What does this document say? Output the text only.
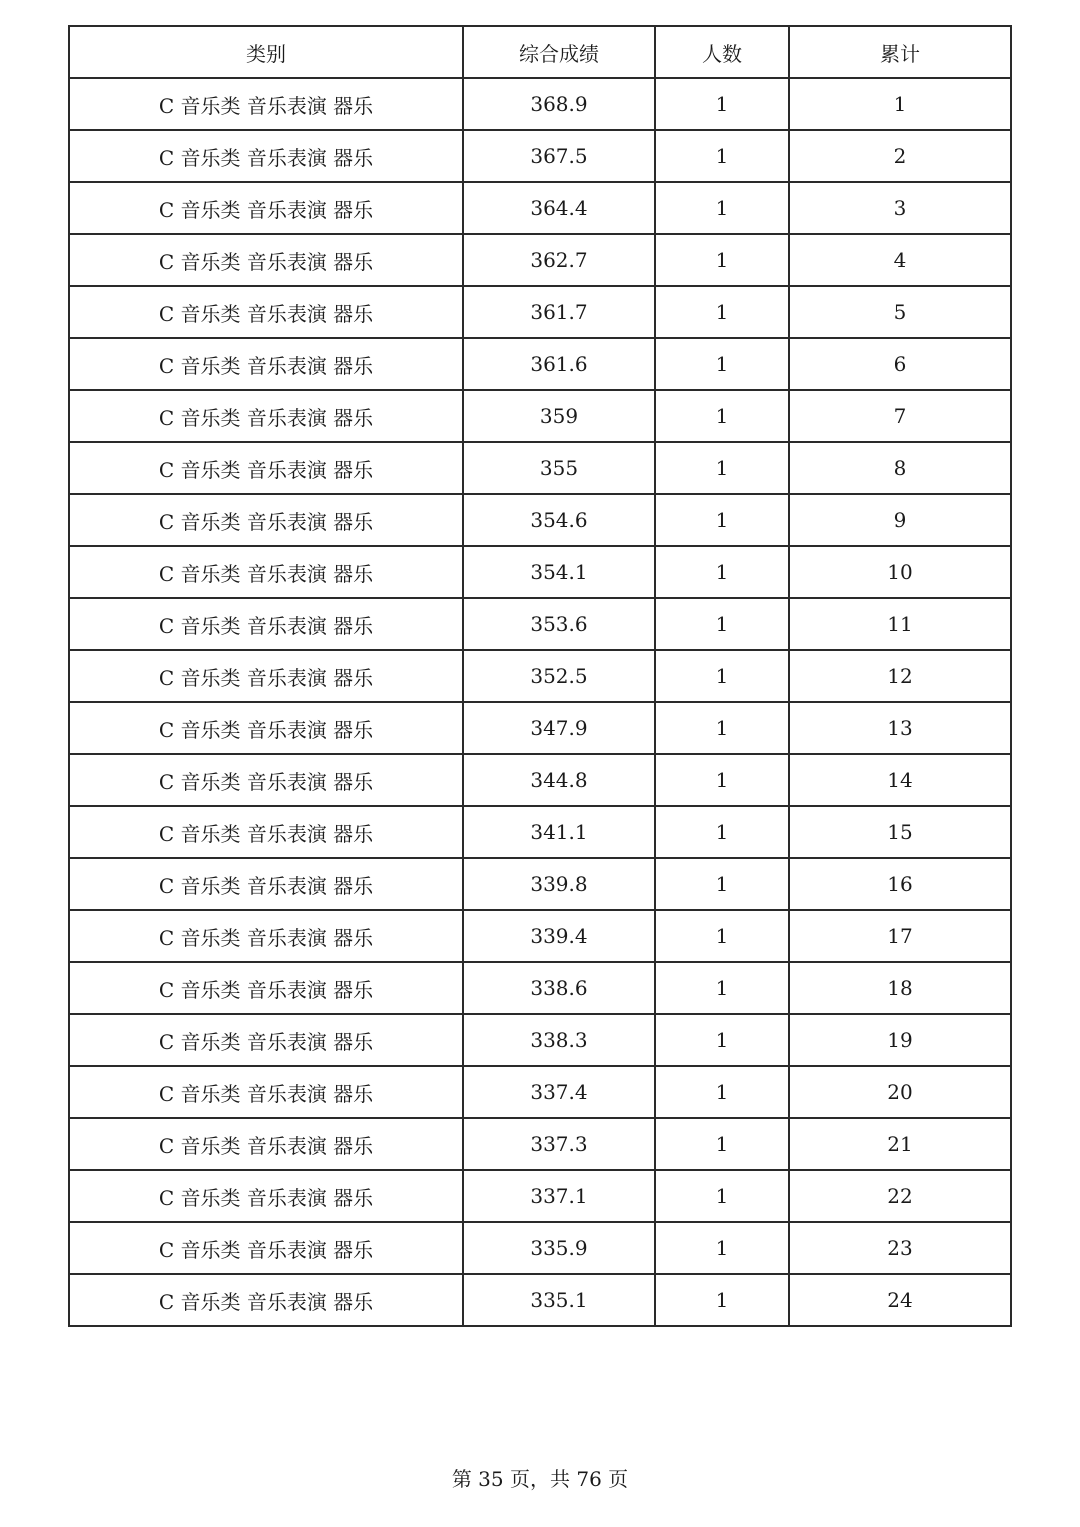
类别	综合成绩	人数	累计
C 音乐类 音乐表演 器乐	368.9	1	1
C 音乐类 音乐表演 器乐	367.5	1	2
C 音乐类 音乐表演 器乐	364.4	1	3
C 音乐类 音乐表演 器乐	362.7	1	4
C 音乐类 音乐表演 器乐	361.7	1	5
C 音乐类 音乐表演 器乐	361.6	1	6
C 音乐类 音乐表演 器乐	359	1	7
C 音乐类 音乐表演 器乐	355	1	8
C 音乐类 音乐表演 器乐	354.6	1	9
C 音乐类 音乐表演 器乐	354.1	1	10
C 音乐类 音乐表演 器乐	353.6	1	11
C 音乐类 音乐表演 器乐	352.5	1	12
C 音乐类 音乐表演 器乐	347.9	1	13
C 音乐类 音乐表演 器乐	344.8	1	14
C 音乐类 音乐表演 器乐	341.1	1	15
C 音乐类 音乐表演 器乐	339.8	1	16
C 音乐类 音乐表演 器乐	339.4	1	17
C 音乐类 音乐表演 器乐	338.6	1	18
C 音乐类 音乐表演 器乐	338.3	1	19
C 音乐类 音乐表演 器乐	337.4	1	20
C 音乐类 音乐表演 器乐	337.3	1	21
C 音乐类 音乐表演 器乐	337.1	1	22
C 音乐类 音乐表演 器乐	335.9	1	23
C 音乐类 音乐表演 器乐	335.1	1	24
第 35 页，共 76 页
